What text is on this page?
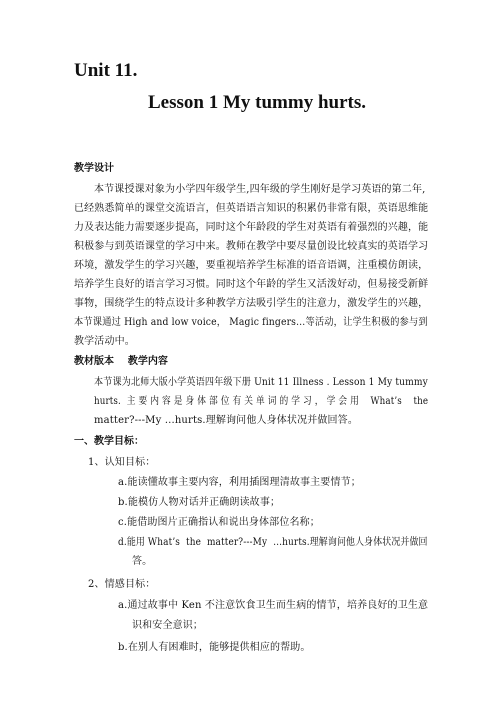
Unit 11.
Lesson 1 My tummy hurts.
教学设计
本节课授课对象为小学四年级学生,四年级的学生刚好是学习英语的第二年,
已经熟悉简单的课堂交流语言，但英语语言知识的积累仍非常有限，英语思维能
力及表达能力需要逐步提高，同时这个年龄段的学生对英语有着强烈的兴趣，能
积极参与到英语课堂的学习中来。教师在教学中要尽量创设比较真实的英语学习
环境，激发学生的学习兴趣，要重视培养学生标准的语音语调，注重模仿朗读，
培养学生良好的语言学习习惯。同时这个年龄的学生又活泼好动，但易接受新鲜
事物，围绕学生的特点设计多种教学方法吸引学生的注意力，激发学生的兴趣，
本节课通过 High and low voice， Magic fingers…等活动，让学生积极的参与到
教学活动中。
教材版本    教学内容
本节课为北师大版小学英语四年级下册 Unit 11 Illness . Lesson 1 My tummy
hurts.  主 要 内 容 是 身 体 部 位 有 关 单 词 的 学 习 ， 学 会 用    What’s    the
matter?---My …hurts.理解询问他人身体状况并做回答。
一、教学目标：
1、认知目标：
a.能读懂故事主要内容，利用插图理清故事主要情节；
b.能模仿人物对话并正确朗读故事；
c.能借助图片正确指认和说出身体部位名称；
d.能用 What’s  the  matter?---My  …hurts.理解询问他人身体状况并做回
答。
2、情感目标：
a.通过故事中 Ken 不注意饮食卫生而生病的情节，培养良好的卫生意
识和安全意识；
b.在别人有困难时，能够提供相应的帮助。
